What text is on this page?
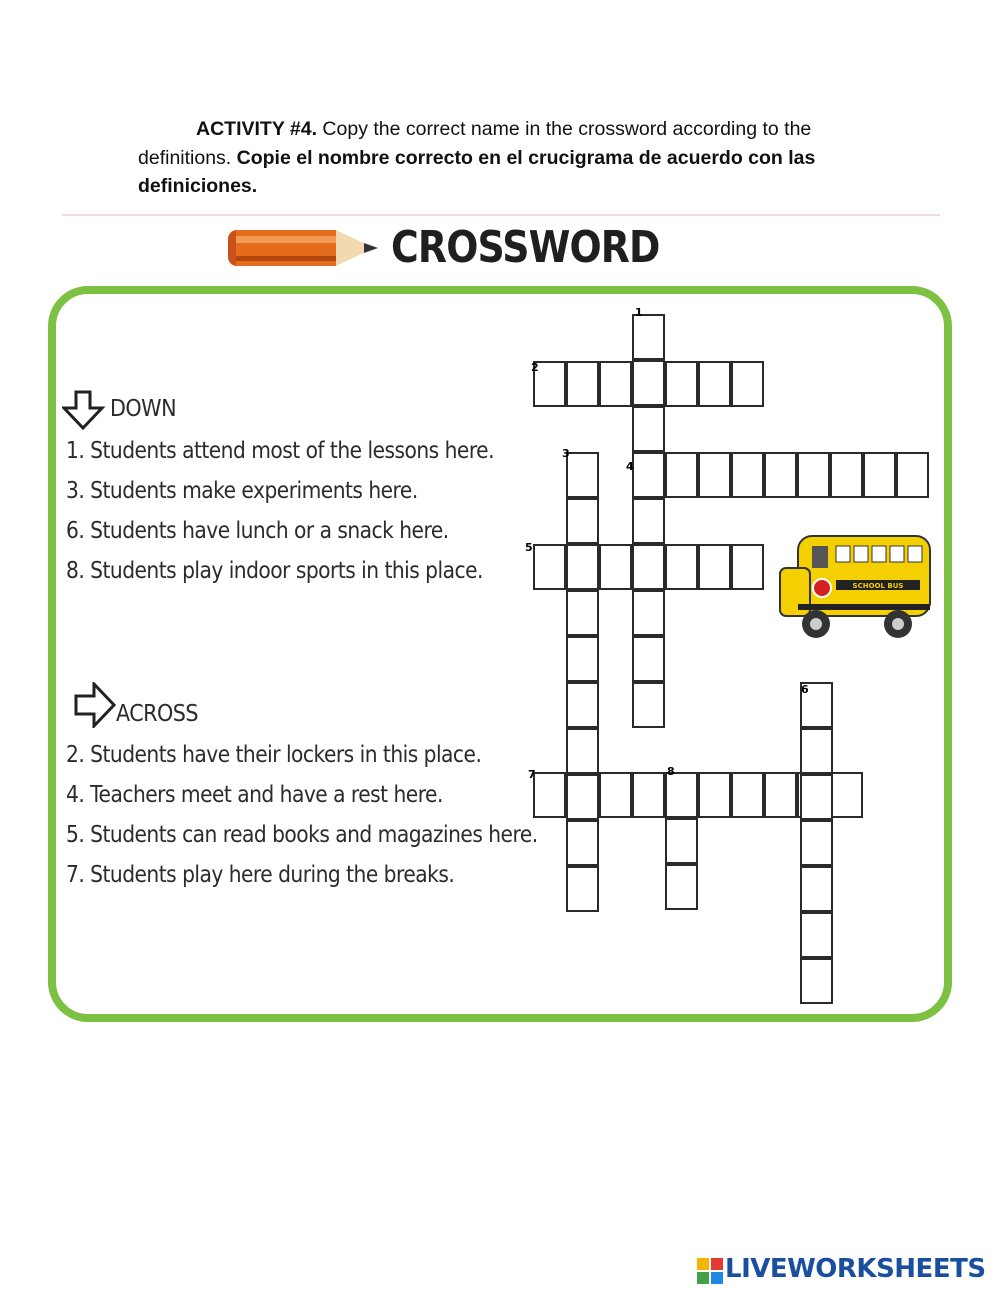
ACTIVITY #4. Copy the correct name in the crossword according to the definitions. Copie el nombre correcto en el crucigrama de acuerdo con las definiciones.
CROSSWORD
DOWN
1. Students attend most of the lessons here.
3. Students make experiments here.
6. Students have lunch or a snack here.
8. Students play indoor sports in this place.
ACROSS
2. Students have their lockers in this place.
4. Teachers meet and have a rest here.
5. Students can read books and magazines here.
7. Students play here during the breaks.
1
2
3
4
5
6
7	8
SCHOOL BUS
LIVEWORKSHEETS
